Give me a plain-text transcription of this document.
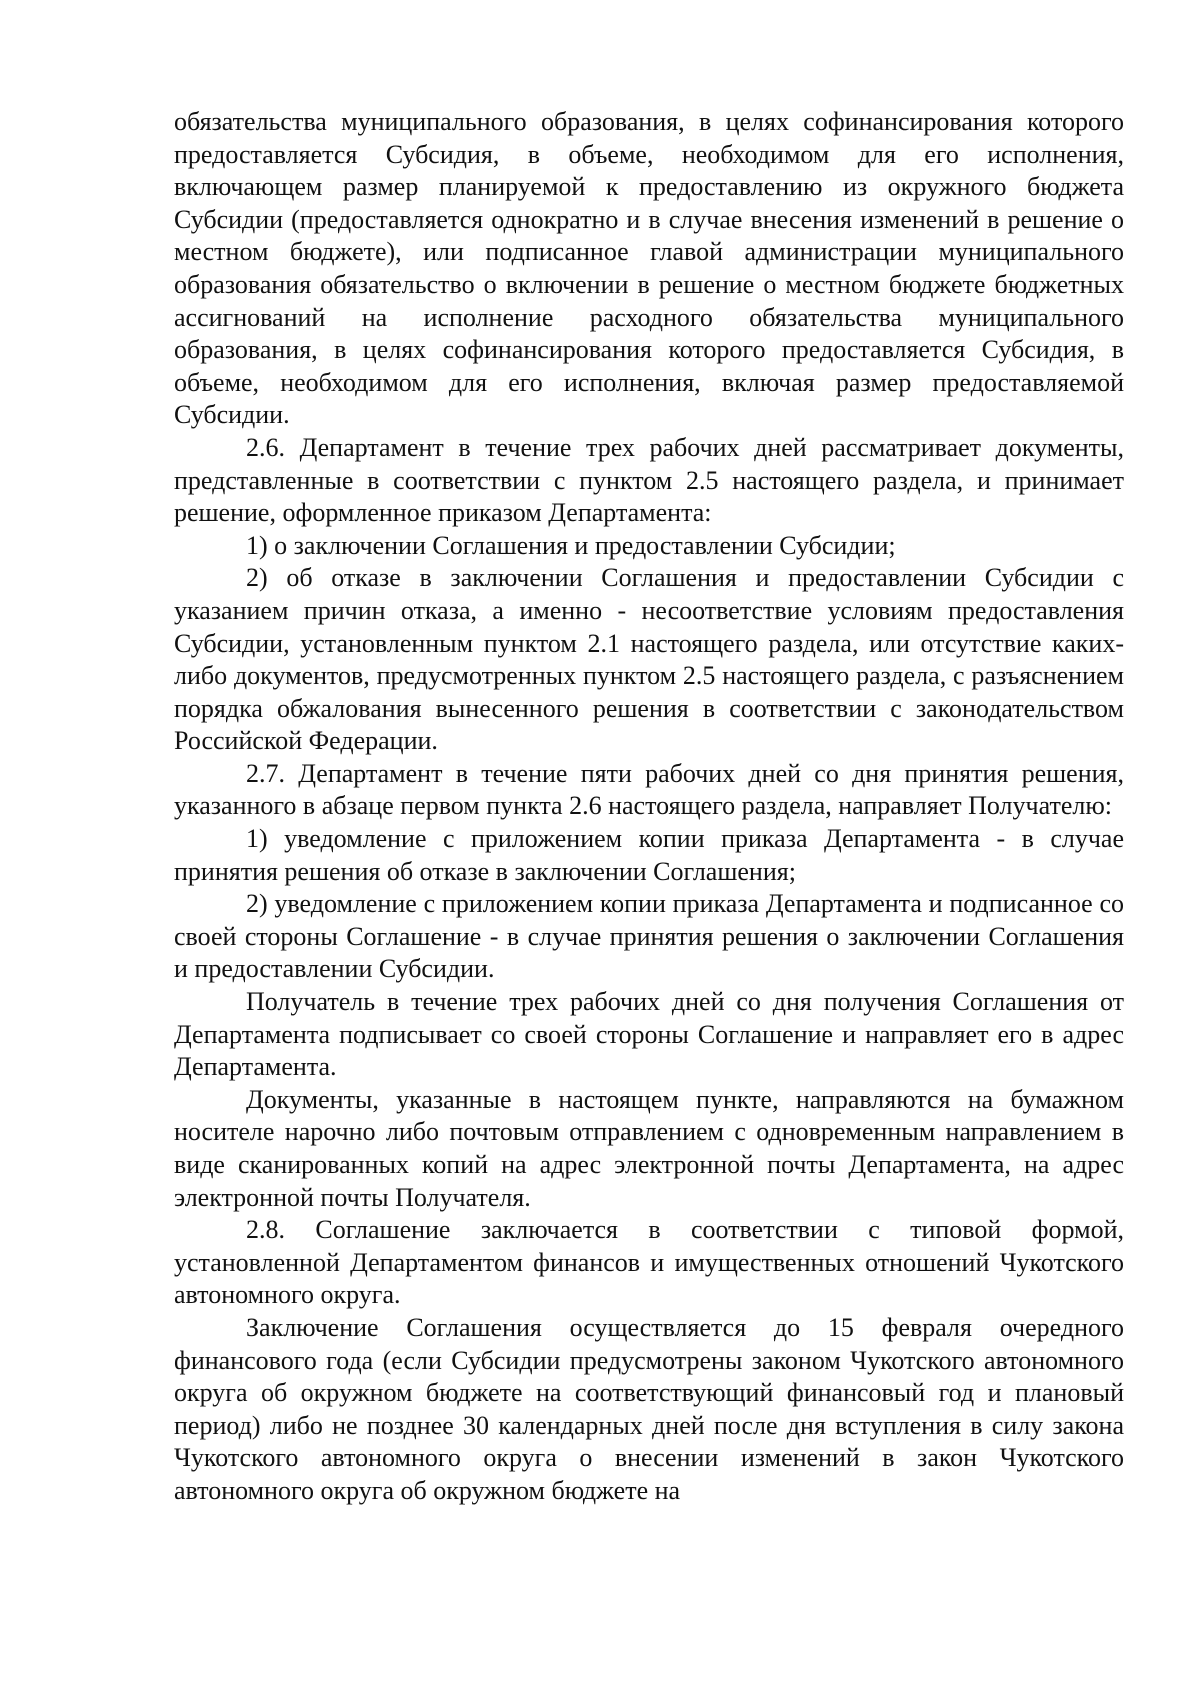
обязательства муниципального образования, в целях софинансирования которого предоставляется Субсидия, в объеме, необходимом для его исполнения, включающем размер планируемой к предоставлению из окружного бюджета Субсидии (предоставляется однократно и в случае внесения изменений в решение о местном бюджете), или подписанное главой администрации муниципального образования обязательство о включении в решение о местном бюджете бюджетных ассигнований на исполнение расходного обязательства муниципального образования, в целях софинансирования которого предоставляется Субсидия, в объеме, необходимом для его исполнения, включая размер предоставляемой Субсидии.

2.6. Департамент в течение трех рабочих дней рассматривает документы, представленные в соответствии с пунктом 2.5 настоящего раздела, и принимает решение, оформленное приказом Департамента:

1) о заключении Соглашения и предоставлении Субсидии;

2) об отказе в заключении Соглашения и предоставлении Субсидии с указанием причин отказа, а именно - несоответствие условиям предоставления Субсидии, установленным пунктом 2.1 настоящего раздела, или отсутствие каких-либо документов, предусмотренных пунктом 2.5 настоящего раздела, с разъяснением порядка обжалования вынесенного решения в соответствии с законодательством Российской Федерации.

2.7. Департамент в течение пяти рабочих дней со дня принятия решения, указанного в абзаце первом пункта 2.6 настоящего раздела, направляет Получателю:

1) уведомление с приложением копии приказа Департамента - в случае принятия решения об отказе в заключении Соглашения;

2) уведомление с приложением копии приказа Департамента и подписанное со своей стороны Соглашение - в случае принятия решения о заключении Соглашения и предоставлении Субсидии.

Получатель в течение трех рабочих дней со дня получения Соглашения от Департамента подписывает со своей стороны Соглашение и направляет его в адрес Департамента.

Документы, указанные в настоящем пункте, направляются на бумажном носителе нарочно либо почтовым отправлением с одновременным направлением в виде сканированных копий на адрес электронной почты Департамента, на адрес электронной почты Получателя.

2.8. Соглашение заключается в соответствии с типовой формой, установленной Департаментом финансов и имущественных отношений Чукотского автономного округа.

Заключение Соглашения осуществляется до 15 февраля очередного финансового года (если Субсидии предусмотрены законом Чукотского автономного округа об окружном бюджете на соответствующий финансовый год и плановый период) либо не позднее 30 календарных дней после дня вступления в силу закона Чукотского автономного округа о внесении изменений в закон Чукотского автономного округа об окружном бюджете на
